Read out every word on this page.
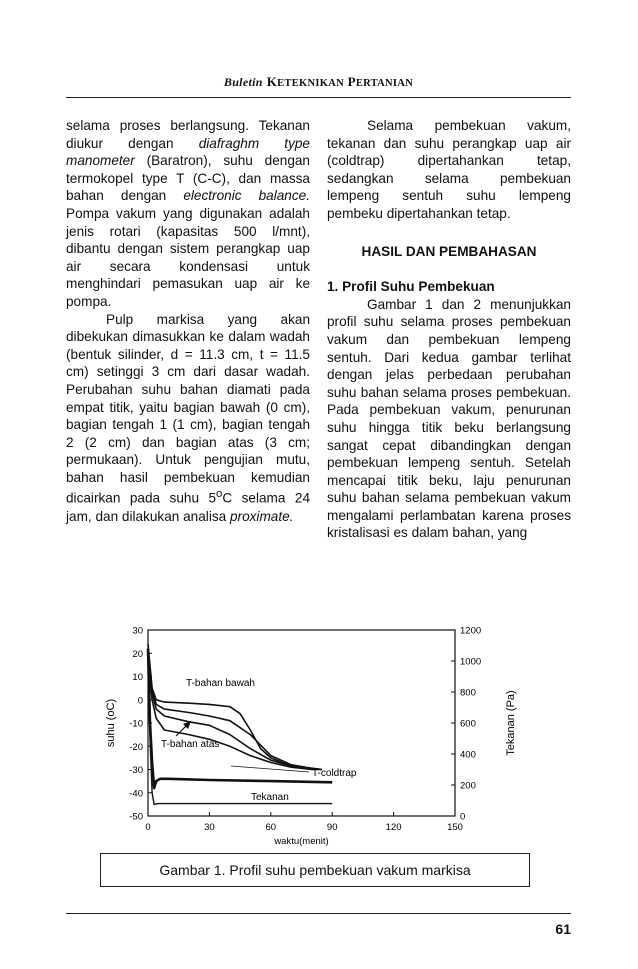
Buletin KETEKNIKAN PERTANIAN

selama proses berlangsung. Tekanan diukur dengan diafraghm type manometer (Baratron), suhu dengan termokopel type T (C-C), dan massa bahan dengan electronic balance. Pompa vakum yang digunakan adalah jenis rotari (kapasitas 500 l/mnt), dibantu dengan sistem perangkap uap air secara kondensasi untuk menghindari pemasukan uap air ke pompa.

Pulp markisa yang akan dibekukan dimasukkan ke dalam wadah (bentuk silinder, d = 11.3 cm, t = 11.5 cm) setinggi 3 cm dari dasar wadah. Perubahan suhu bahan diamati pada empat titik, yaitu bagian bawah (0 cm), bagian tengah 1 (1 cm), bagian tengah 2 (2 cm) dan bagian atas (3 cm; permukaan). Untuk pengujian mutu, bahan hasil pembekuan kemudian dicairkan pada suhu 5$^o$C selama 24 jam, dan dilakukan analisa proximate.

Selama pembekuan vakum, tekanan dan suhu perangkap uap air (coldtrap) dipertahankan tetap, sedangkan selama pembekuan lempeng sentuh suhu lempeng pembeku dipertahankan tetap.

HASIL DAN PEMBAHASAN

1. Profil Suhu Pembekuan

Gambar 1 dan 2 menunjukkan profil suhu selama proses pembekuan vakum dan pembekuan lempeng sentuh. Dari kedua gambar terlihat dengan jelas perbedaan perubahan suhu bahan selama proses pembekuan. Pada pembekuan vakum, penurunan suhu hingga titik beku berlangsung sangat cepat dibandingkan dengan pembekuan lempeng sentuh. Setelah mencapai titik beku, laju penurunan suhu bahan selama pembekuan vakum mengalami perlambatan karena proses kristalisasi es dalam bahan, yang

30
20
10
0
-10
-20
-30
-40
-50
1200
1000
800
600
400
200
0
0	30	60	90	120	150
waktu(menit)
suhu (oC)	Tekanan (Pa)
T-bahan bawah
T-bahan atas
T-coldtrap
Tekanan
Gambar 1. Profil suhu pembekuan vakum markisa
61
